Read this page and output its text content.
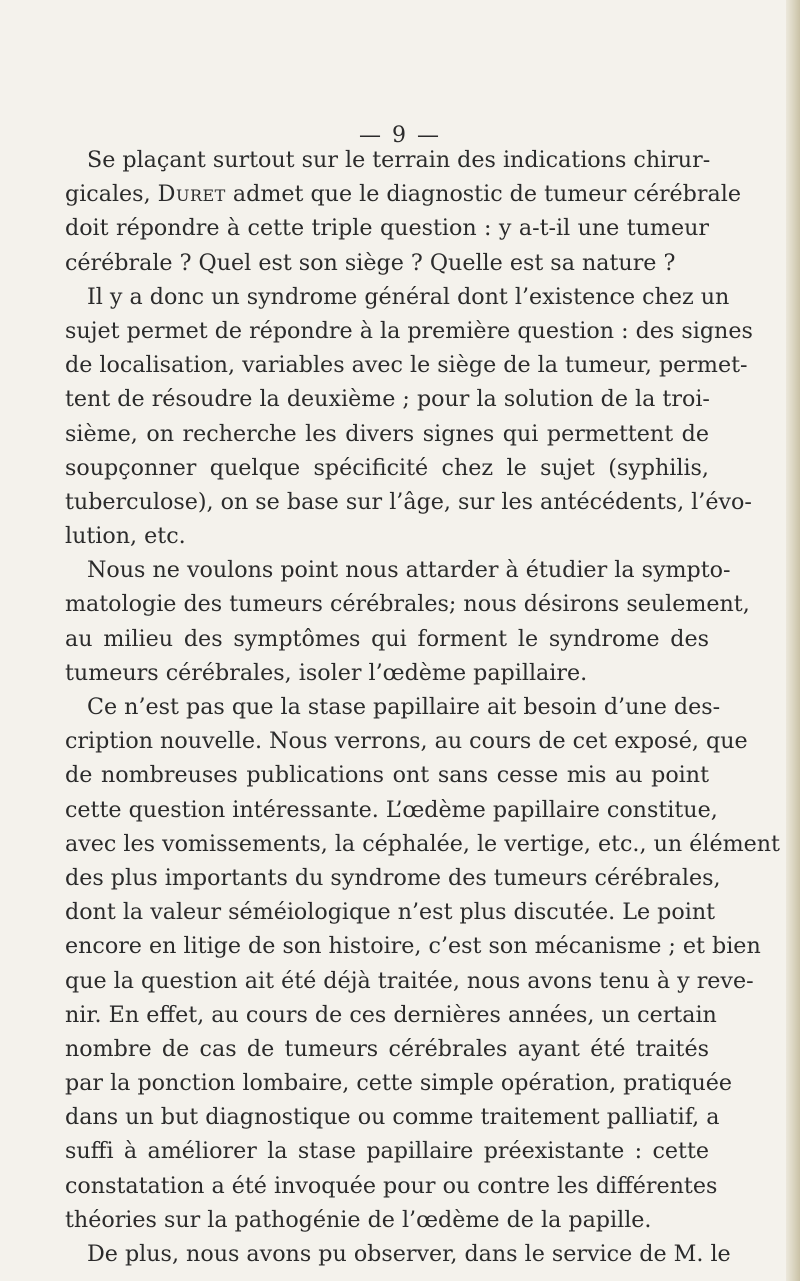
— 9 —
Se plaçant surtout sur le terrain des indications chirur-
gicales, Duret admet que le diagnostic de tumeur cérébrale
doit répondre à cette triple question : y a-t-il une tumeur
cérébrale ? Quel est son siège ? Quelle est sa nature ?
Il y a donc un syndrome général dont l’existence chez un
sujet permet de répondre à la première question : des signes
de localisation, variables avec le siège de la tumeur, permet-
tent de résoudre la deuxième ; pour la solution de la troi-
sième, on recherche les divers signes qui permettent de
soupçonner quelque spécificité chez le sujet (syphilis,
tuberculose), on se base sur l’âge, sur les antécédents, l’évo-
lution, etc.
Nous ne voulons point nous attarder à étudier la sympto-
matologie des tumeurs cérébrales; nous désirons seulement,
au milieu des symptômes qui forment le syndrome des
tumeurs cérébrales, isoler l’œdème papillaire.
Ce n’est pas que la stase papillaire ait besoin d’une des-
cription nouvelle. Nous verrons, au cours de cet exposé, que
de nombreuses publications ont sans cesse mis au point
cette question intéressante. L’œdème papillaire constitue,
avec les vomissements, la céphalée, le vertige, etc., un élément
des plus importants du syndrome des tumeurs cérébrales,
dont la valeur séméiologique n’est plus discutée. Le point
encore en litige de son histoire, c’est son mécanisme ; et bien
que la question ait été déjà traitée, nous avons tenu à y reve-
nir. En effet, au cours de ces dernières années, un certain
nombre de cas de tumeurs cérébrales ayant été traités
par la ponction lombaire, cette simple opération, pratiquée
dans un but diagnostique ou comme traitement palliatif, a
suffi à améliorer la stase papillaire préexistante : cette
constatation a été invoquée pour ou contre les différentes
théories sur la pathogénie de l’œdème de la papille.
De plus, nous avons pu observer, dans le service de M. le
